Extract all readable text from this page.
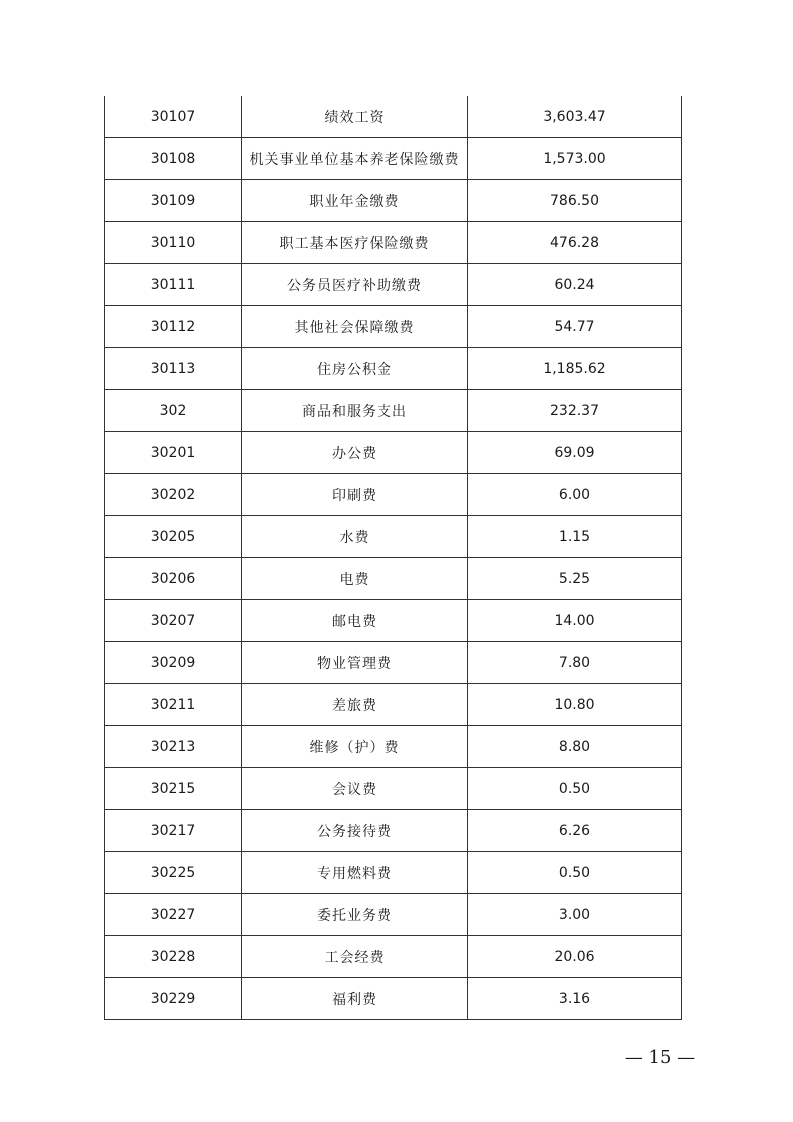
30107	绩效工资	3,603.47
30108	机关事业单位基本养老保险缴费	1,573.00
30109	职业年金缴费	786.50
30110	职工基本医疗保险缴费	476.28
30111	公务员医疗补助缴费	60.24
30112	其他社会保障缴费	54.77
30113	住房公积金	1,185.62
302	商品和服务支出	232.37
30201	办公费	69.09
30202	印刷费	6.00
30205	水费	1.15
30206	电费	5.25
30207	邮电费	14.00
30209	物业管理费	7.80
30211	差旅费	10.80
30213	维修（护）费	8.80
30215	会议费	0.50
30217	公务接待费	6.26
30225	专用燃料费	0.50
30227	委托业务费	3.00
30228	工会经费	20.06
30229	福利费	3.16
— 15 —
